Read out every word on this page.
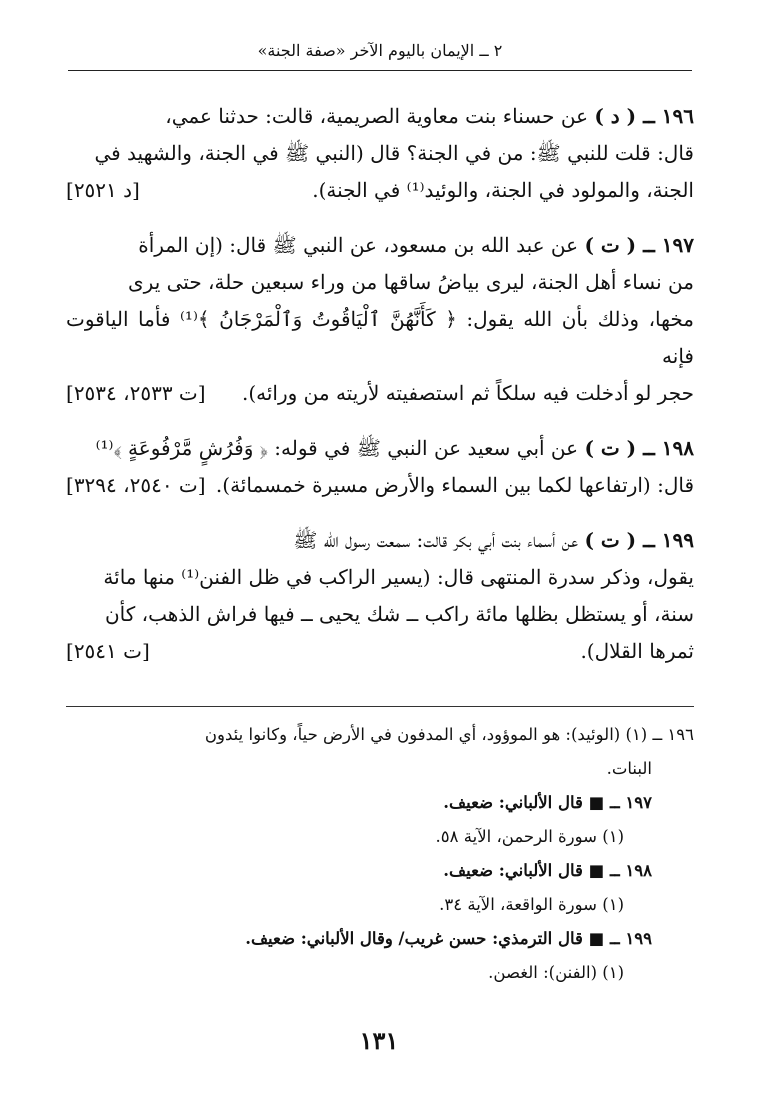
٢ ــ الإيمان باليوم الآخر «صفة الجنة»

١٩٦ ــ ( د ) عن حسناء بنت معاوية الصريمية، قالت: حدثنا عمي،

قال: قلت للنبي ﷺ: من في الجنة؟ قال (النبي ﷺ في الجنة، والشهيد في

الجنة، والمولود في الجنة، والوئيد⁽¹⁾ في الجنة).
[د ٢٥٢١]

١٩٧ ــ ( ت ) عن عبد الله بن مسعود، عن النبي ﷺ قال: (إن المرأة

من نساء أهل الجنة، ليرى بياضُ ساقها من وراء سبعين حلة، حتى يرى

مخها، وذلك بأن الله يقول: ﴿ كَأَنَّهُنَّ ٱلْيَاقُوتُ وَٱلْمَرْجَانُ ﴾⁽¹⁾ فأما الياقوت فإنه

حجر لو أدخلت فيه سلكاً ثم استصفيته لأريته من ورائه).
[ت ٢٥٣٣، ٢٥٣٤]

١٩٨ ــ ( ت ) عن أبي سعيد عن النبي ﷺ في قوله: ﴿ وَفُرُشٍ مَّرْفُوعَةٍ ﴾⁽¹⁾

قال: (ارتفاعها لكما بين السماء والأرض مسيرة خمسمائة).
[ت ٢٥٤٠، ٣٢٩٤]

١٩٩ ــ ( ت ) عن أسماء بنت أبي بكر قالت: سمعت رسول الله ﷺ

يقول، وذكر سدرة المنتهى قال: (يسير الراكب في ظل الفنن⁽¹⁾ منها مائة

سنة، أو يستظل بظلها مائة راكب ــ شك يحيى ــ فيها فراش الذهب، كأن

ثمرها القلال).
[ت ٢٥٤١]

١٩٦ ــ (١) (الوئيد): هو الموؤود، أي المدفون في الأرض حياً، وكانوا يئدون

البنات.

١٩٧ ــ ■ قال الألباني: ضعيف.

(١) سورة الرحمن، الآية ٥٨.

١٩٨ ــ ■ قال الألباني: ضعيف.

(١) سورة الواقعة، الآية ٣٤.

١٩٩ ــ ■ قال الترمذي: حسن غريب/ وقال الألباني: ضعيف.

(١) (الفنن): الغصن.

١٣١
